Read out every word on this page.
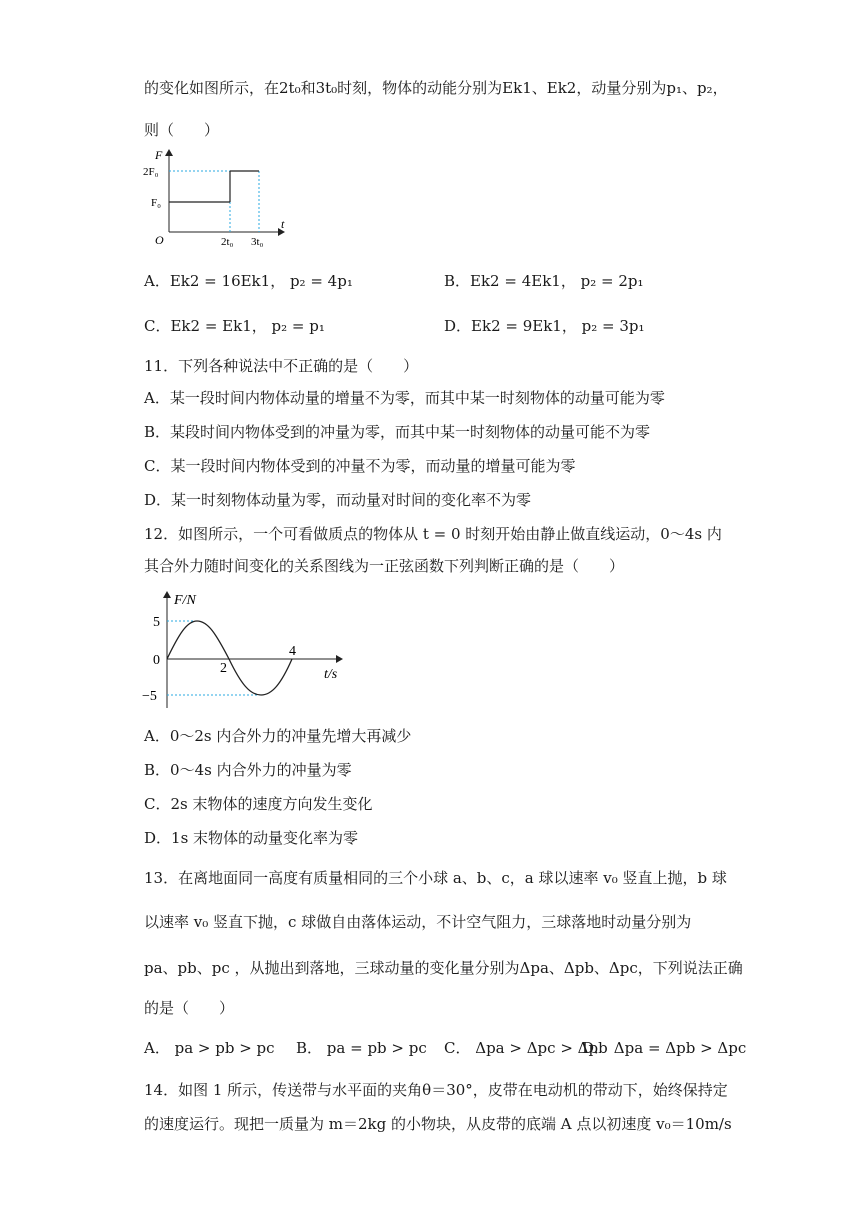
的变化如图所示，在2t₀和3t₀时刻，物体的动能分别为Ek1、Ek2，动量分别为p₁、p₂，
则（　　）
F
2F₀
F₀
O	2t₀ 3t₀
t
A．Ek2 = 16Ek1， p₂ = 4p₁	B．Ek2 = 4Ek1， p₂ = 2p₁
C．Ek2 = Ek1， p₂ = p₁	D．Ek2 = 9Ek1， p₂ = 3p₁
11．下列各种说法中不正确的是（　　）
A．某一段时间内物体动量的增量不为零，而其中某一时刻物体的动量可能为零
B．某段时间内物体受到的冲量为零，而其中某一时刻物体的动量可能不为零
C．某一段时间内物体受到的冲量不为零，而动量的增量可能为零
D．某一时刻物体动量为零，而动量对时间的变化率不为零
12．如图所示，一个可看做质点的物体从 t = 0 时刻开始由静止做直线运动，0～4s 内
其合外力随时间变化的关系图线为一正弦函数下列判断正确的是（　　）
F/N
5
0
−5
2
4
t/s
A．0～2s 内合外力的冲量先增大再减少
B．0～4s 内合外力的冲量为零
C．2s 末物体的速度方向发生变化
D．1s 末物体的动量变化率为零
13．在离地面同一高度有质量相同的三个小球 a、b、c，a 球以速率 v₀ 竖直上抛，b 球
以速率 v₀ 竖直下抛，c 球做自由落体运动，不计空气阻力，三球落地时动量分别为
pa、pb、pc ，从抛出到落地，三球动量的变化量分别为Δpa、Δpb、Δpc，下列说法正确
的是（　　）
A． pa > pb > pc B． pa = pb > pc C． Δpa > Δpc > Δpb
D． Δpa = Δpb > Δpc
14．如图 1 所示，传送带与水平面的夹角θ＝30°，皮带在电动机的带动下，始终保持定
的速度运行。现把一质量为 m＝2kg 的小物块，从皮带的底端 A 点以初速度 v₀＝10m/s
